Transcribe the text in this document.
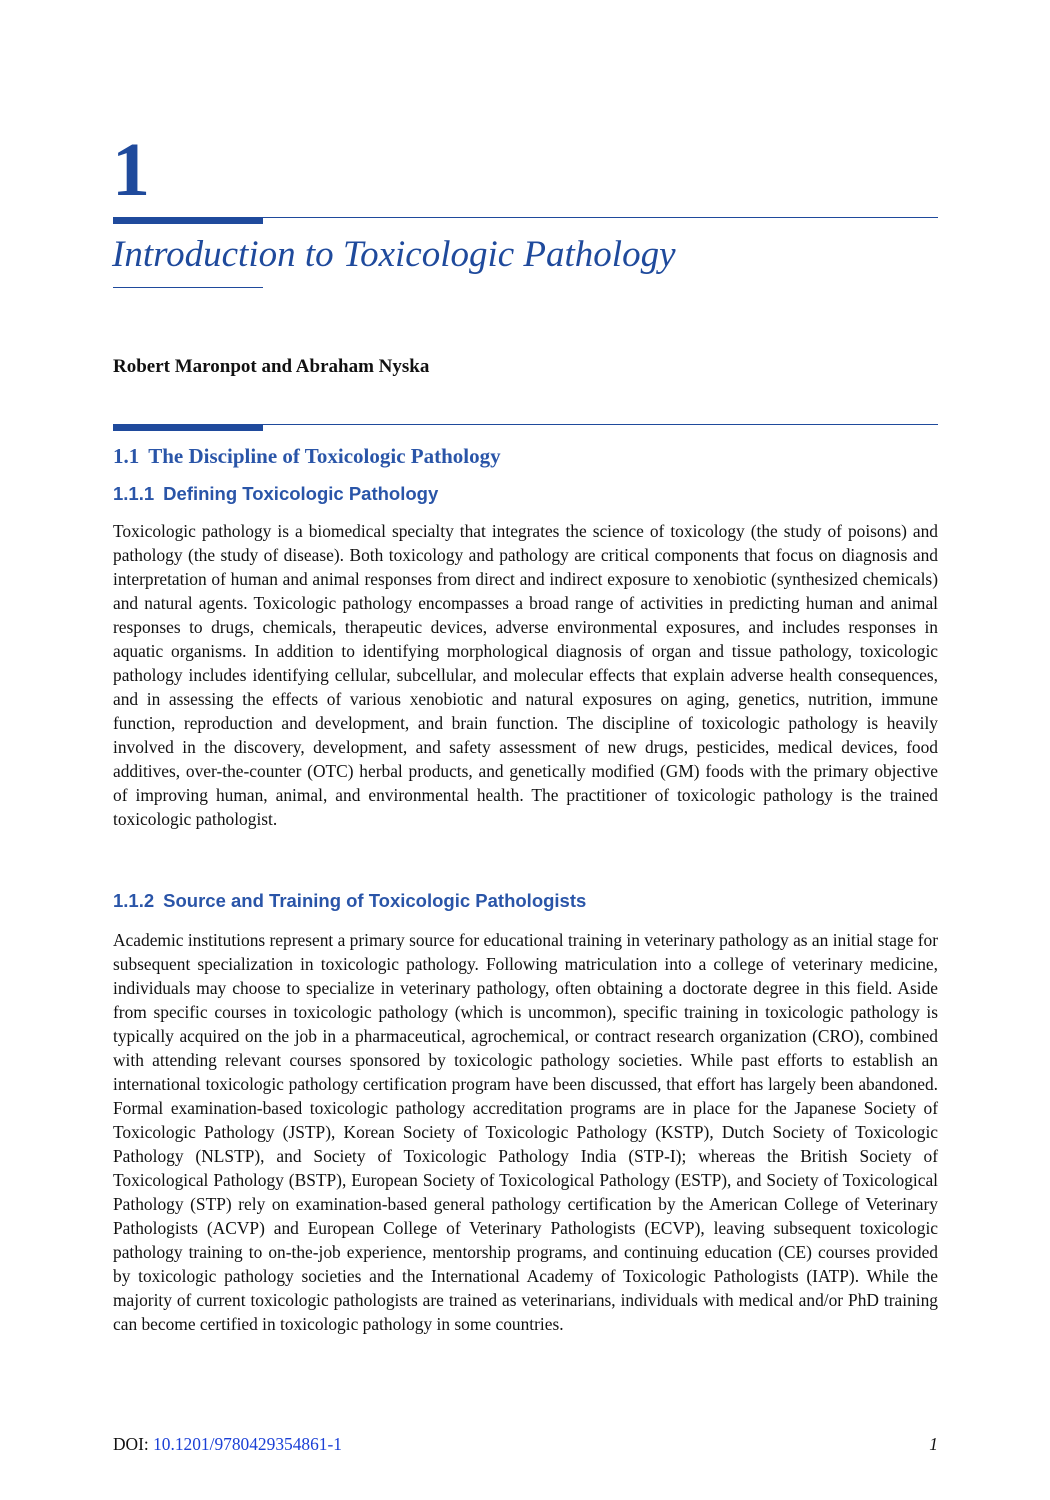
1
Introduction to Toxicologic Pathology

Robert Maronpot and Abraham Nyska

1.1 The Discipline of Toxicologic Pathology
1.1.1 Defining Toxicologic Pathology

Toxicologic pathology is a biomedical specialty that integrates the science of toxicology (the study of poisons) and pathology (the study of disease). Both toxicology and pathology are critical components that focus on diagnosis and interpretation of human and animal responses from direct and indirect exposure to xenobiotic (synthesized chemicals) and natural agents. Toxicologic pathology encompasses a broad range of activities in predicting human and animal responses to drugs, chemicals, therapeutic devices, adverse environmental exposures, and includes responses in aquatic organisms. In addition to identifying morphological diagnosis of organ and tissue pathology, toxicologic pathology includes identifying cellular, subcellular, and molecular effects that explain adverse health consequences, and in assessing the effects of various xenobiotic and natural exposures on aging, genetics, nutrition, immune function, reproduction and development, and brain function. The discipline of toxicologic pathology is heavily involved in the discovery, development, and safety assessment of new drugs, pesticides, medical devices, food additives, over-the-counter (OTC) herbal products, and genetically modified (GM) foods with the primary objective of improving human, animal, and environmental health. The practitioner of toxicologic pathology is the trained toxicologic pathologist.

1.1.2 Source and Training of Toxicologic Pathologists

Academic institutions represent a primary source for educational training in veterinary pathology as an initial stage for subsequent specialization in toxicologic pathology. Following matriculation into a college of veterinary medicine, individuals may choose to specialize in veterinary pathology, often obtaining a doctorate degree in this field. Aside from specific courses in toxicologic pathology (which is uncommon), specific training in toxicologic pathology is typically acquired on the job in a pharmaceutical, agrochemical, or contract research organization (CRO), combined with attending relevant courses sponsored by toxicologic pathology societies. While past efforts to establish an international toxicologic pathology certification program have been discussed, that effort has largely been abandoned. Formal examination-based toxicologic pathology accreditation programs are in place for the Japanese Society of Toxicologic Pathology (JSTP), Korean Society of Toxicologic Pathology (KSTP), Dutch Society of Toxicologic Pathology (NLSTP), and Society of Toxicologic Pathology India (STP-I); whereas the British Society of Toxicological Pathology (BSTP), European Society of Toxicological Pathology (ESTP), and Society of Toxicological Pathology (STP) rely on examination-based general pathology certification by the American College of Veterinary Pathologists (ACVP) and European College of Veterinary Pathologists (ECVP), leaving subsequent toxicologic pathology training to on-the-job experience, mentorship programs, and continuing education (CE) courses provided by toxicologic pathology societies and the International Academy of Toxicologic Pathologists (IATP). While the majority of current toxicologic pathologists are trained as veterinarians, individuals with medical and/or PhD training can become certified in toxicologic pathology in some countries.

DOI: 10.1201/9780429354861-1	1
